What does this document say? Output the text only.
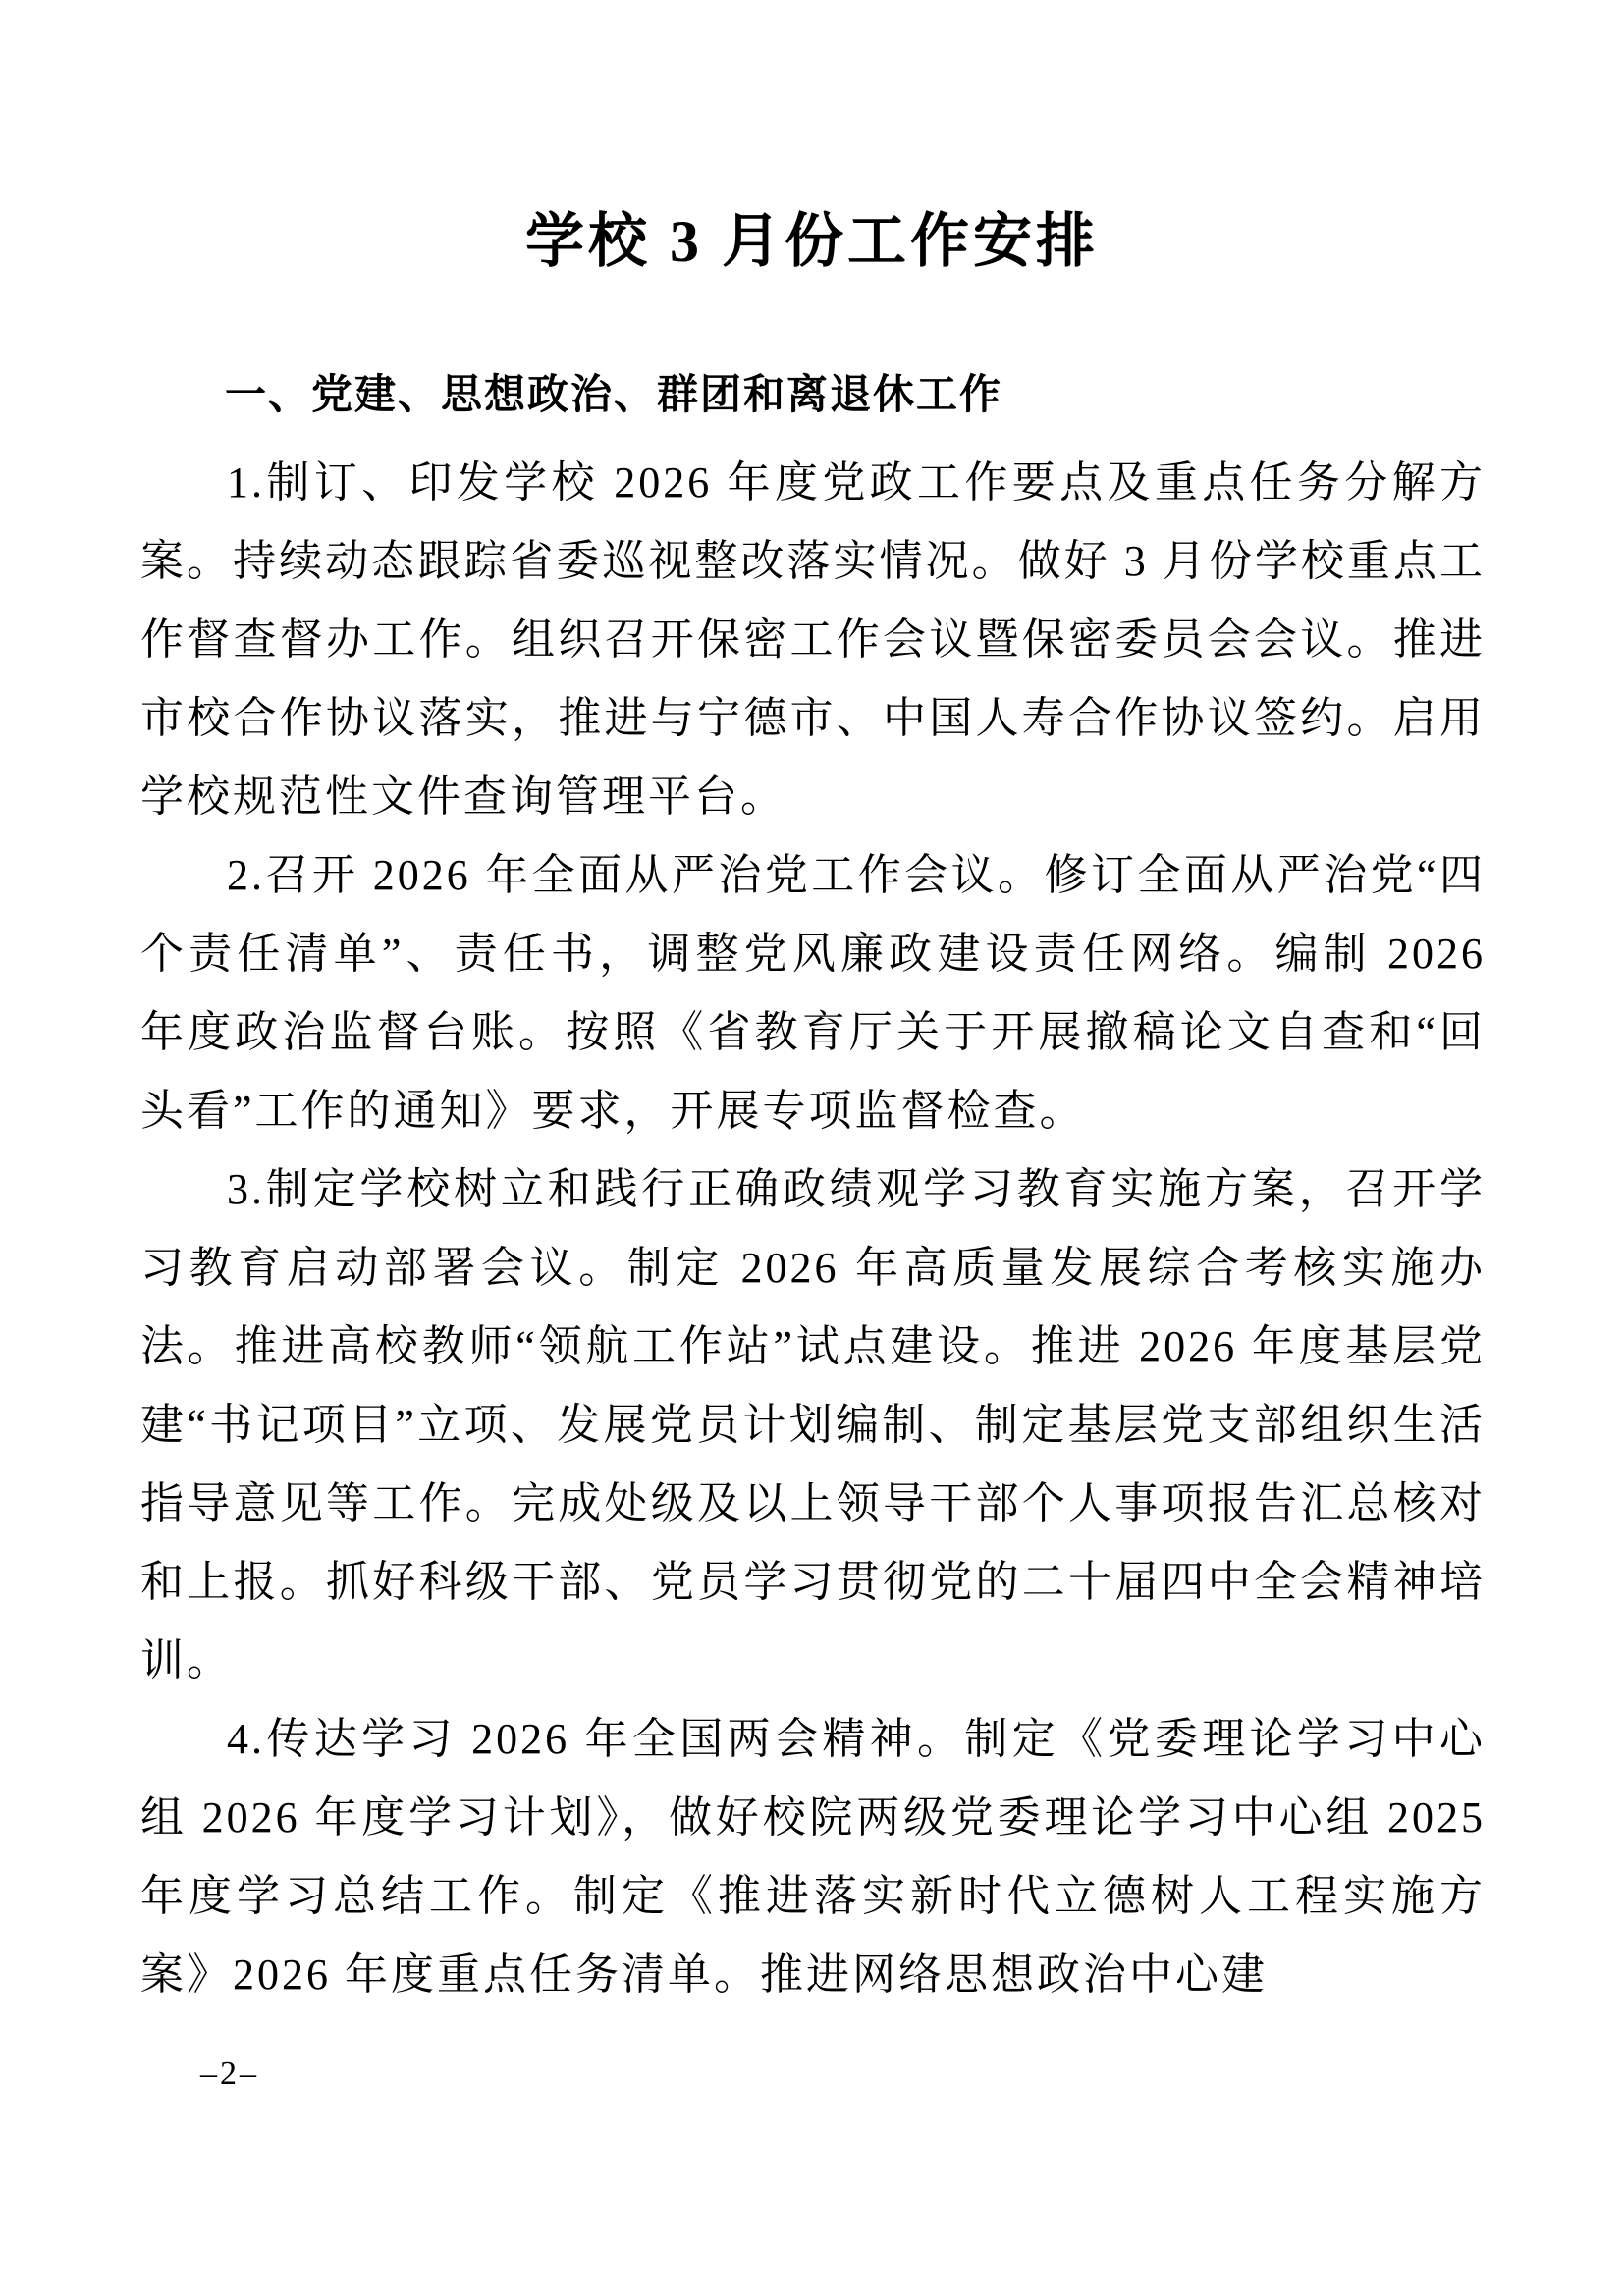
学校 3 月份工作安排
一、党建、思想政治、群团和离退休工作

1.制订、印发学校 2026 年度党政工作要点及重点任务分解方案。持续动态跟踪省委巡视整改落实情况。做好 3 月份学校重点工作督查督办工作。组织召开保密工作会议暨保密委员会会议。推进市校合作协议落实，推进与宁德市、中国人寿合作协议签约。启用学校规范性文件查询管理平台。

2.召开 2026 年全面从严治党工作会议。修订全面从严治党“四个责任清单”、责任书，调整党风廉政建设责任网络。编制 2026 年度政治监督台账。按照《省教育厅关于开展撤稿论文自查和“回头看”工作的通知》要求，开展专项监督检查。

3.制定学校树立和践行正确政绩观学习教育实施方案，召开学习教育启动部署会议。制定 2026 年高质量发展综合考核实施办法。推进高校教师“领航工作站”试点建设。推进 2026 年度基层党建“书记项目”立项、发展党员计划编制、制定基层党支部组织生活指导意见等工作。完成处级及以上领导干部个人事项报告汇总核对和上报。抓好科级干部、党员学习贯彻党的二十届四中全会精神培训。

4.传达学习 2026 年全国两会精神。制定《党委理论学习中心组 2026 年度学习计划》，做好校院两级党委理论学习中心组 2025 年度学习总结工作。制定《推进落实新时代立德树人工程实施方案》2026 年度重点任务清单。推进网络思想政治中心建

–2–
